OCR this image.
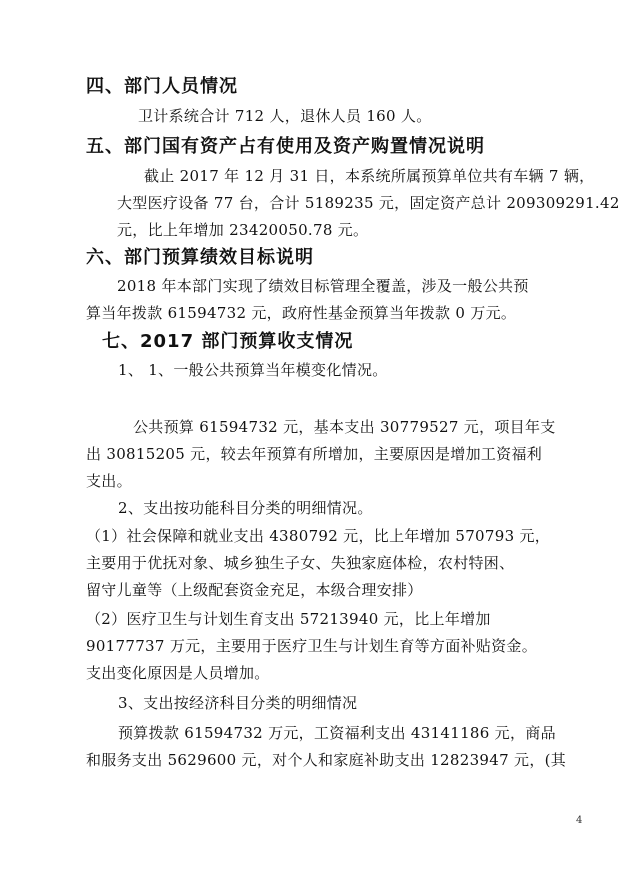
四、部门人员情况
卫计系统合计 712 人，退休人员 160 人。
五、部门国有资产占有使用及资产购置情况说明
截止 2017 年 12 月 31 日，本系统所属预算单位共有车辆 7 辆，
大型医疗设备 77 台，合计 5189235 元，固定资产总计 209309291.42
元，比上年增加 23420050.78 元。
六、部门预算绩效目标说明
2018 年本部门实现了绩效目标管理全覆盖，涉及一般公共预
算当年拨款 61594732 元，政府性基金预算当年拨款 0 万元。
七、2017 部门预算收支情况
1、 1、一般公共预算当年模变化情况。
公共预算 61594732 元，基本支出 30779527 元，项目年支
出 30815205 元，较去年预算有所增加，主要原因是增加工资福利
支出。
2、支出按功能科目分类的明细情况。
（1）社会保障和就业支出 4380792 元，比上年增加 570793 元，
主要用于优抚对象、城乡独生子女、失独家庭体检，农村特困、
留守儿童等（上级配套资金充足，本级合理安排）
（2）医疗卫生与计划生育支出 57213940 元，比上年增加
90177737 万元，主要用于医疗卫生与计划生育等方面补贴资金。
支出变化原因是人员增加。
3、支出按经济科目分类的明细情况
预算拨款 61594732 万元，工资福利支出 43141186 元，商品
和服务支出 5629600 元，对个人和家庭补助支出 12823947 元，(其
4
